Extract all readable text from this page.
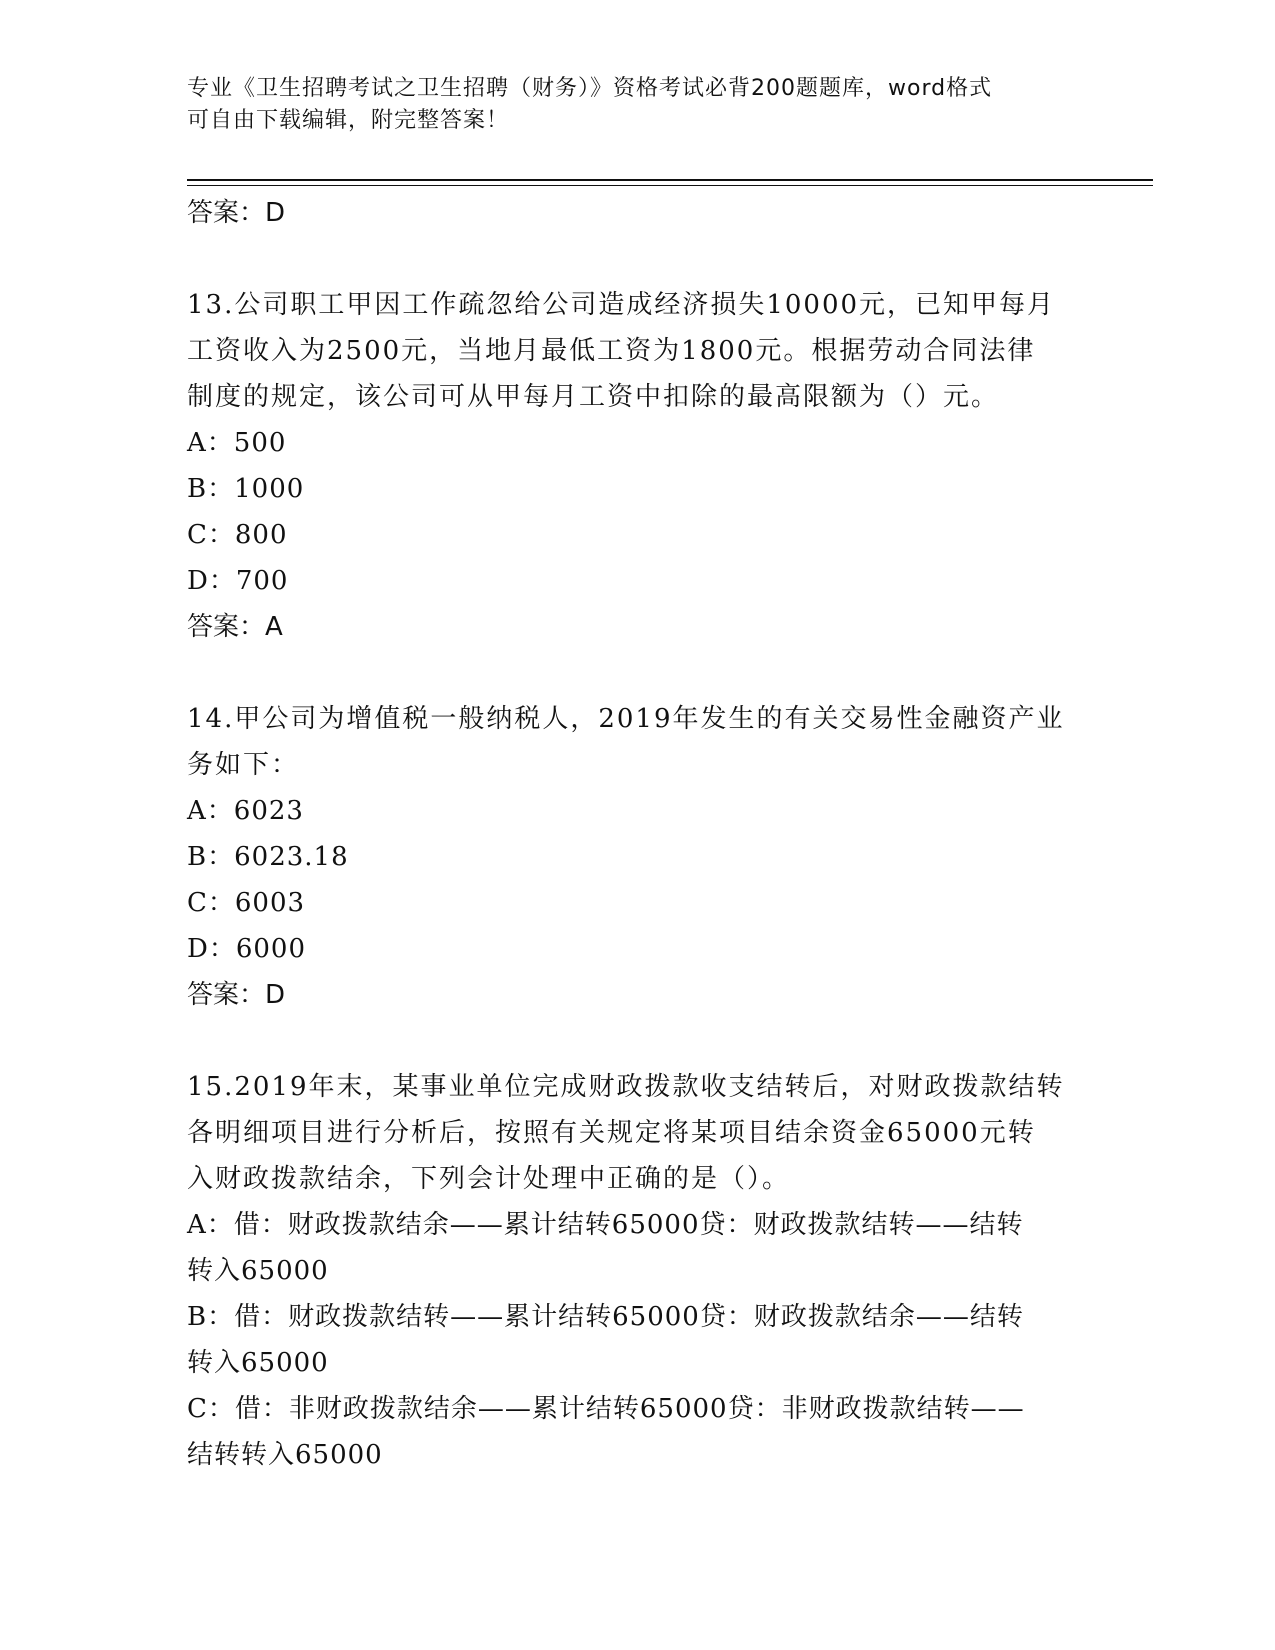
专业《卫生招聘考试之卫生招聘（财务）》资格考试必背200题题库，word格式
可自由下载编辑，附完整答案！

答案：D

13.公司职工甲因工作疏忽给公司造成经济损失10000元，已知甲每月

工资收入为2500元，当地月最低工资为1800元。根据劳动合同法律

制度的规定，该公司可从甲每月工资中扣除的最高限额为（）元。

A：500

B：1000

C：800

D：700

答案：A

14.甲公司为增值税一般纳税人，2019年发生的有关交易性金融资产业

务如下：

A：6023

B：6023.18

C：6003

D：6000

答案：D

15.2019年末，某事业单位完成财政拨款收支结转后，对财政拨款结转

各明细项目进行分析后，按照有关规定将某项目结余资金65000元转

入财政拨款结余，下列会计处理中正确的是（）。

A：借：财政拨款结余——累计结转65000贷：财政拨款结转——结转

转入65000

B：借：财政拨款结转——累计结转65000贷：财政拨款结余——结转

转入65000

C：借：非财政拨款结余——累计结转65000贷：非财政拨款结转——

结转转入65000
